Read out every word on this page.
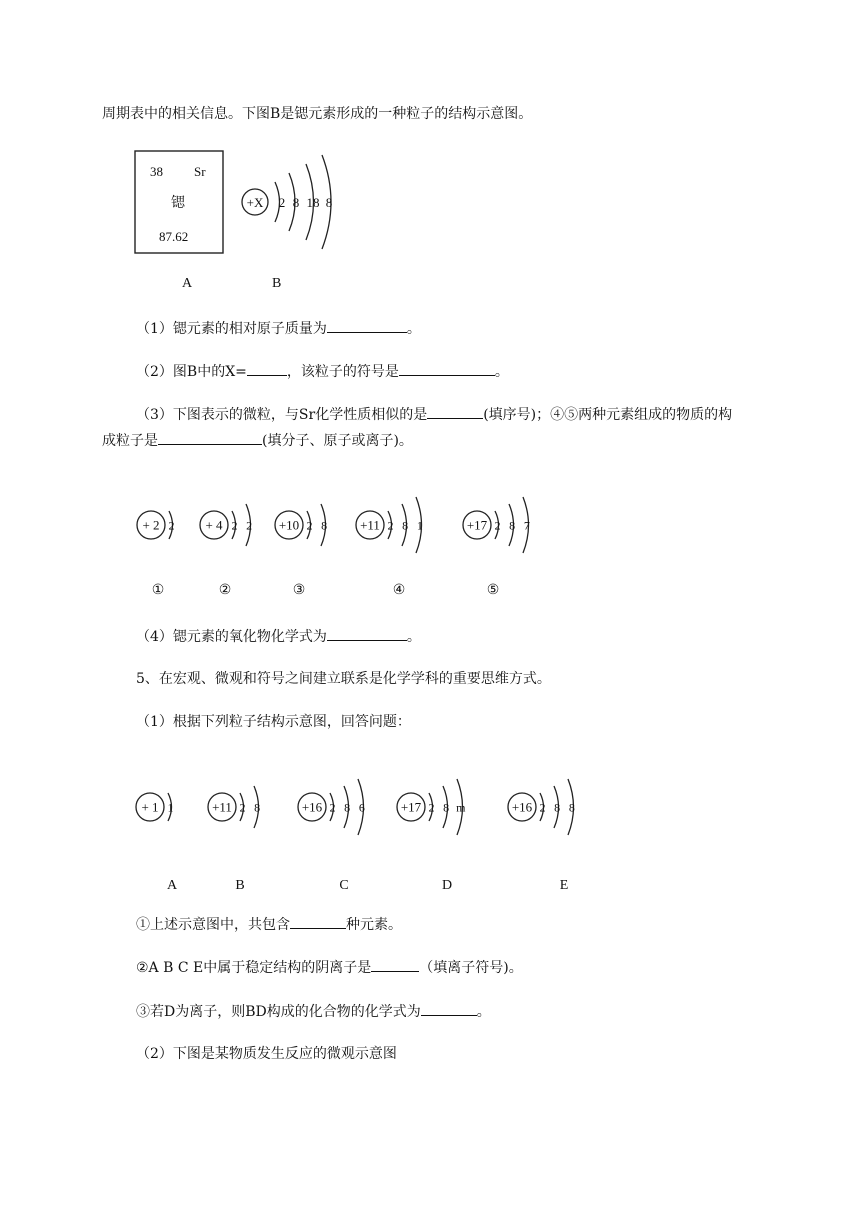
周期表中的相关信息。下图B是锶元素形成的一种粒子的结构示意图。
38 Sr
锶
87.62
+X 2 8 18 8
A	B
（1）锶元素的相对原子质量为	。
（2）图B中的X=	，该粒子的符号是	。
（3）下图表示的微粒，与Sr化学性质相似的是	(填序号)；④⑤两种元素组成的物质的构
成粒子是	(填分子、原子或离子)。
+ 2 2
①
+ 4 2 2
②
+10 2 8
③
+11 2 8 1
④
+17 2 8 7
⑤
（4）锶元素的氧化物化学式为	。
5、在宏观、微观和符号之间建立联系是化学学科的重要思维方式。
（1）根据下列粒子结构示意图，回答问题：
+ 1 1
A
+11 2 8
B
+16 2 8 6
C
+17 2 8 m
D
+16 2 8 8
E
①上述示意图中，共包含	种元素。
②A B C E中属于稳定结构的阴离子是	（填离子符号)。
③若D为离子，则BD构成的化合物的化学式为	。
（2）下图是某物质发生反应的微观示意图
